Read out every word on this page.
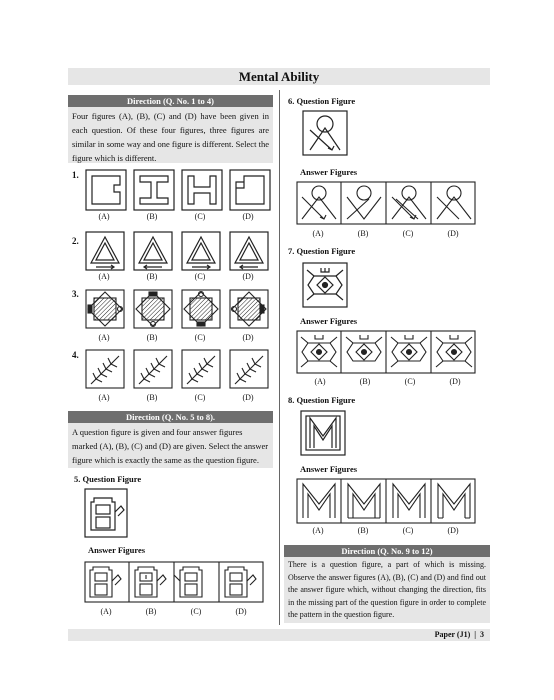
Mental Ability
Direction (Q. No. 1 to 4)
Four figures (A), (B), (C) and (D) have been given in each question. Of these four figures, three figures are similar in some way and one figure is different. Select the figure which is different.
1.
(A)	(B)	(C)	(D)
2.
(A)	(B)	(C)	(D)
3.
(A)	(B)	(C)	(D)
4.
(A)	(B)	(C)	(D)
Direction (Q. No. 5 to 8).
A question figure is given and four answer figures marked (A), (B), (C) and (D) are given. Select the answer figure which is exactly the same as the question figure.
5. Question Figure
Answer Figures
(A)	(B)	(C)	(D)
6. Question Figure
Answer Figures
(A)	(B)	(C)	(D)
7. Question Figure
Answer Figures
(A)	(B)	(C)	(D)
8. Question Figure
Answer Figures
(A)	(B)	(C)	(D)
Direction (Q. No. 9 to 12)
There is a question figure, a part of which is missing. Observe the answer figures (A), (B), (C) and (D) and find out the answer figure which, without changing the direction, fits in the missing part of the question figure in order to complete the pattern in the question figure.
Paper (J1) | 3
